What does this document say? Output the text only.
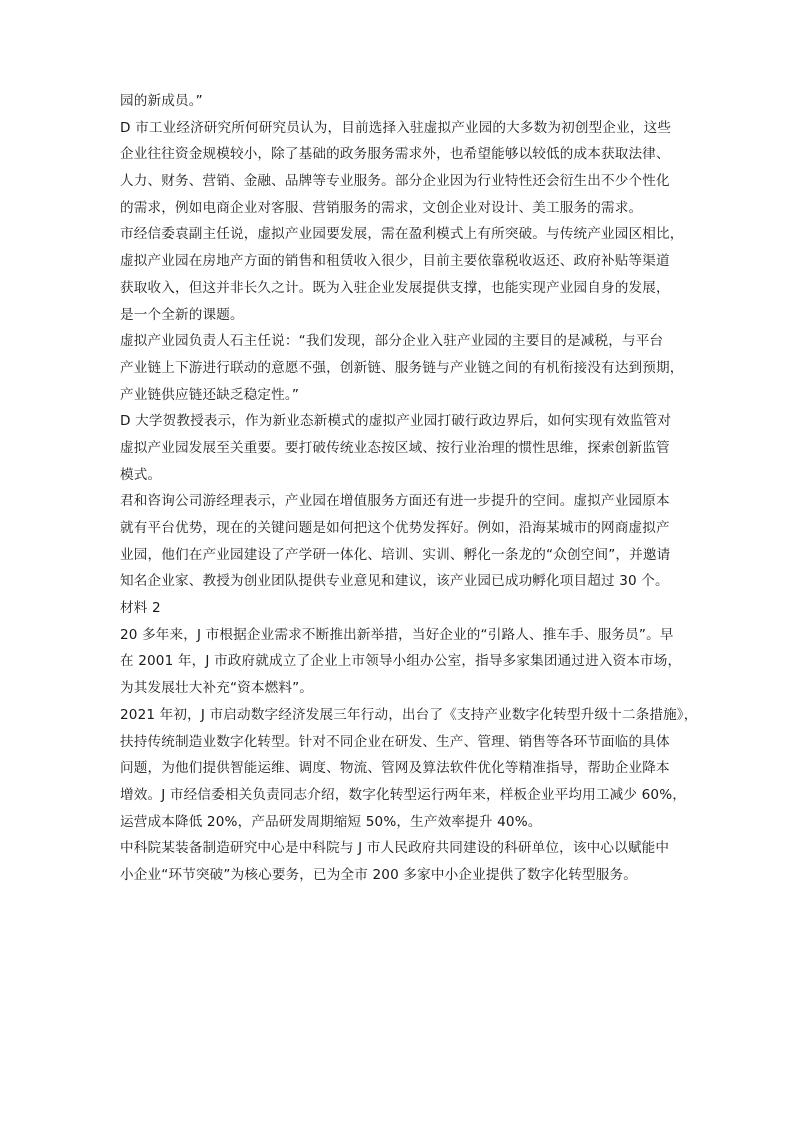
园的新成员。”
D 市工业经济研究所何研究员认为，目前选择入驻虚拟产业园的大多数为初创型企业，这些
企业往往资金规模较小，除了基础的政务服务需求外，也希望能够以较低的成本获取法律、
人力、财务、营销、金融、品牌等专业服务。部分企业因为行业特性还会衍生出不少个性化
的需求，例如电商企业对客服、营销服务的需求，文创企业对设计、美工服务的需求。
市经信委袁副主任说，虚拟产业园要发展，需在盈利模式上有所突破。与传统产业园区相比，
虚拟产业园在房地产方面的销售和租赁收入很少，目前主要依靠税收返还、政府补贴等渠道
获取收入，但这并非长久之计。既为入驻企业发展提供支撑，也能实现产业园自身的发展，
是一个全新的课题。
虚拟产业园负责人石主任说：“我们发现，部分企业入驻产业园的主要目的是减税，与平台
产业链上下游进行联动的意愿不强，创新链、服务链与产业链之间的有机衔接没有达到预期，
产业链供应链还缺乏稳定性。”
D 大学贺教授表示，作为新业态新模式的虚拟产业园打破行政边界后，如何实现有效监管对
虚拟产业园发展至关重要。要打破传统业态按区域、按行业治理的惯性思维，探索创新监管
模式。
君和咨询公司游经理表示，产业园在增值服务方面还有进一步提升的空间。虚拟产业园原本
就有平台优势，现在的关键问题是如何把这个优势发挥好。例如，沿海某城市的网商虚拟产
业园，他们在产业园建设了产学研一体化、培训、实训、孵化一条龙的“众创空间”，并邀请
知名企业家、教授为创业团队提供专业意见和建议，该产业园已成功孵化项目超过 30 个。
材料 2
20 多年来，J 市根据企业需求不断推出新举措，当好企业的“引路人、推车手、服务员”。早
在 2001 年，J 市政府就成立了企业上市领导小组办公室，指导多家集团通过进入资本市场，
为其发展壮大补充“资本燃料”。
2021 年初，J 市启动数字经济发展三年行动，出台了《支持产业数字化转型升级十二条措施》，
扶持传统制造业数字化转型。针对不同企业在研发、生产、管理、销售等各环节面临的具体
问题，为他们提供智能运维、调度、物流、管网及算法软件优化等精准指导，帮助企业降本
增效。J 市经信委相关负责同志介绍，数字化转型运行两年来，样板企业平均用工减少 60%，
运营成本降低 20%，产品研发周期缩短 50%，生产效率提升 40%。
中科院某装备制造研究中心是中科院与 J 市人民政府共同建设的科研单位，该中心以赋能中
小企业“环节突破”为核心要务，已为全市 200 多家中小企业提供了数字化转型服务。
